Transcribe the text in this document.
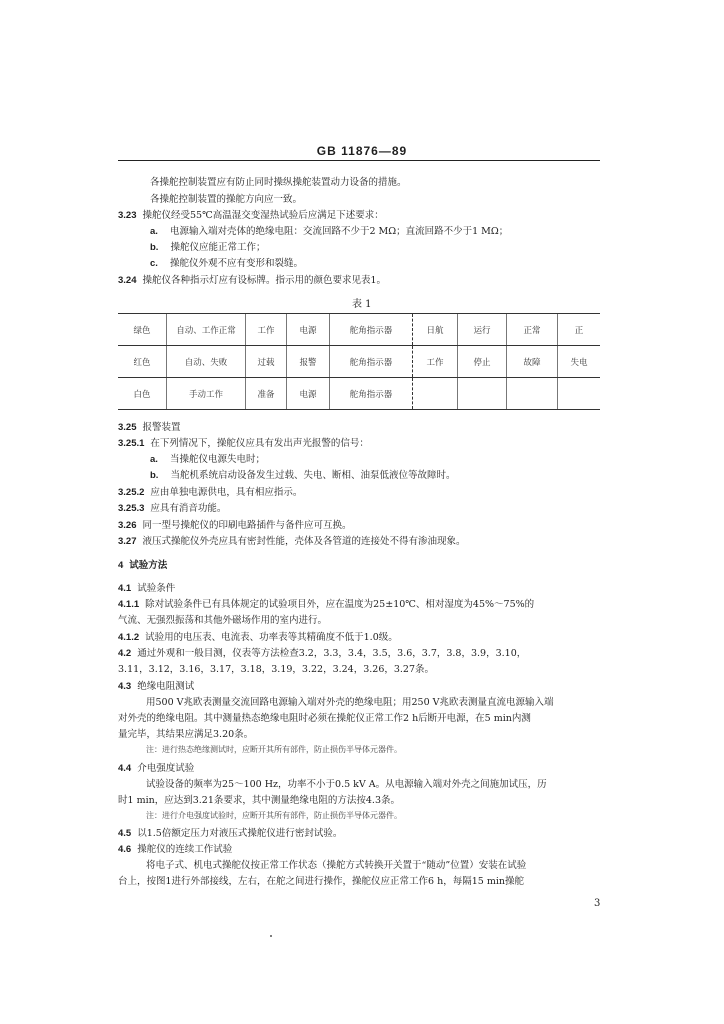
GB 11876—89
各操舵控制装置应有防止同时操纵操舵装置动力设备的措施。
各操舵控制装置的操舵方向应一致。
3.23 操舵仪经受55℃高温湿交变湿热试验后应满足下述要求：
a. 电源输入端对壳体的绝缘电阻：交流回路不少于2 MΩ；直流回路不少于1 MΩ；
b. 操舵仪应能正常工作；
c. 操舵仪外观不应有变形和裂缝。
3.24 操舵仪各种指示灯应有设标牌。指示用的颜色要求见表1。
表 1
绿色	自动、工作正常	工作	电源	舵角指示器	日航	运行	正常	正
红色	自动、失败	过载	报警	舵角指示器	工作	停止	故障	失电
白色	手动工作	准备	电源	舵角指示器				
3.25 报警装置
3.25.1 在下列情况下，操舵仪应具有发出声光报警的信号：
a. 当操舵仪电源失电时；
b. 当舵机系统启动设备发生过载、失电、断相、油泵低液位等故障时。
3.25.2 应由单独电源供电，具有相应指示。
3.25.3 应具有消音功能。
3.26 同一型号操舵仪的印刷电路插件与备件应可互换。
3.27 液压式操舵仪外壳应具有密封性能，壳体及各管道的连接处不得有渗油现象。
4 试验方法
4.1 试验条件
4.1.1 除对试验条件已有具体规定的试验项目外，应在温度为25±10℃、相对湿度为45%～75%的
气流、无强烈振荡和其他外磁场作用的室内进行。
4.1.2 试验用的电压表、电流表、功率表等其精确度不低于1.0级。
4.2 通过外观和一般目测，仪表等方法检查3.2，3.3，3.4，3.5，3.6，3.7，3.8，3.9，3.10，
3.11，3.12，3.16，3.17，3.18，3.19，3.22，3.24，3.26，3.27条。
4.3 绝缘电阻测试
用500 V兆欧表测量交流回路电源输入端对外壳的绝缘电阻；用250 V兆欧表测量直流电源输入端
对外壳的绝缘电阻。其中测量热态绝缘电阻时必须在操舵仪正常工作2 h后断开电源，在5 min内测
量完毕，其结果应满足3.20条。
注：进行热态绝缘测试时，应断开其所有部件，防止损伤半导体元器件。
4.4 介电强度试验
试验设备的频率为25～100 Hz，功率不小于0.5 kV A。从电源输入端对外壳之间施加试压，历
时1 min，应达到3.21条要求，其中测量绝缘电阻的方法按4.3条。
注：进行介电强度试验时，应断开其所有部件，防止损伤半导体元器件。
4.5 以1.5倍额定压力对液压式操舵仪进行密封试验。
4.6 操舵仪的连续工作试验
将电子式、机电式操舵仪按正常工作状态（操舵方式转换开关置于“随动”位置）安装在试验
台上，按图1进行外部接线，左右，在舵之间进行操作，操舵仪应正常工作6 h，每隔15 min操舵
3
